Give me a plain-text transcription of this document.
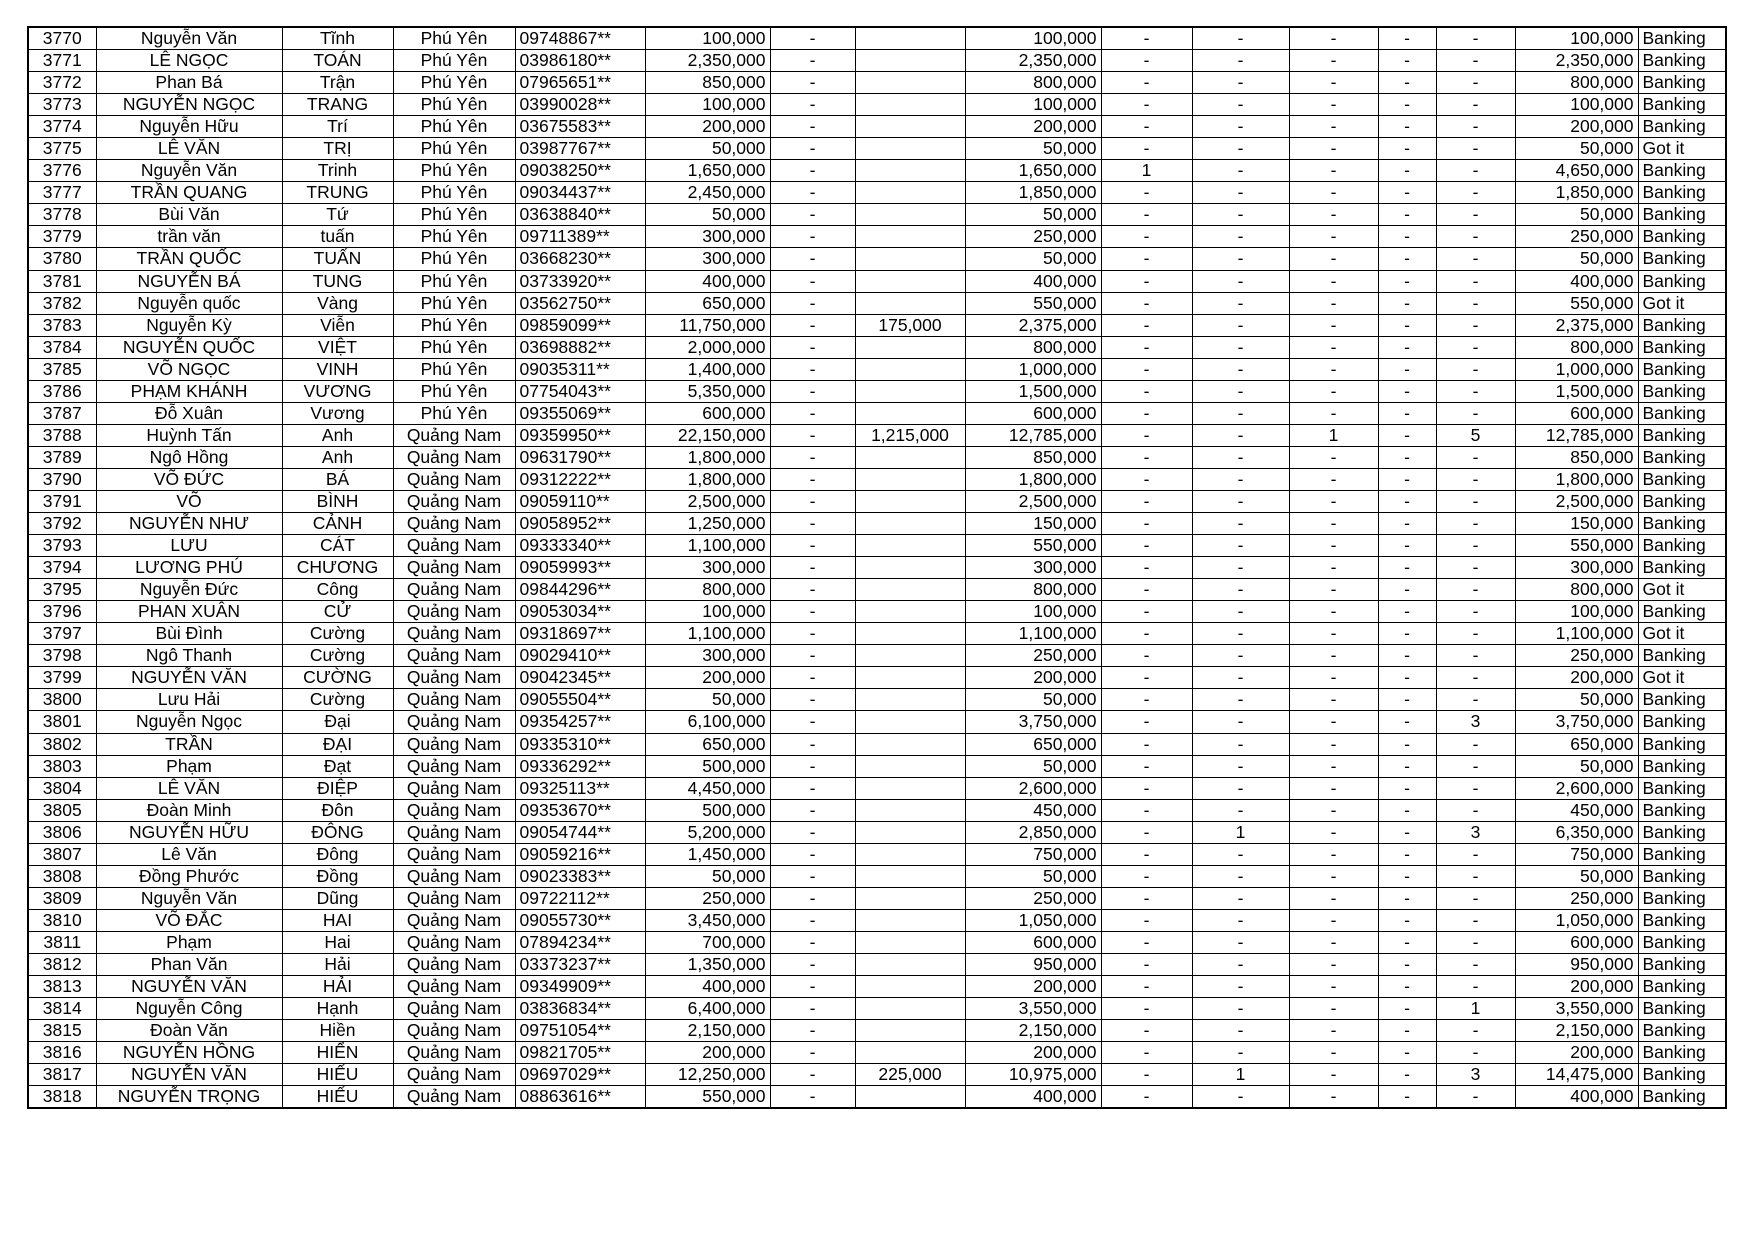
3770	Nguyễn Văn	Tĩnh	Phú Yên	09748867**	100,000	-		100,000	-	-	-	-	-	100,000	Banking
3771	LÊ NGỌC	TOÁN	Phú Yên	03986180**	2,350,000	-		2,350,000	-	-	-	-	-	2,350,000	Banking
3772	Phan Bá	Trận	Phú Yên	07965651**	850,000	-		800,000	-	-	-	-	-	800,000	Banking
3773	NGUYỄN NGỌC	TRANG	Phú Yên	03990028**	100,000	-		100,000	-	-	-	-	-	100,000	Banking
3774	Nguyễn Hữu	Trí	Phú Yên	03675583**	200,000	-		200,000	-	-	-	-	-	200,000	Banking
3775	LÊ VĂN	TRỊ	Phú Yên	03987767**	50,000	-		50,000	-	-	-	-	-	50,000	Got it
3776	Nguyễn Văn	Trinh	Phú Yên	09038250**	1,650,000	-		1,650,000	1	-	-	-	-	4,650,000	Banking
3777	TRẦN QUANG	TRUNG	Phú Yên	09034437**	2,450,000	-		1,850,000	-	-	-	-	-	1,850,000	Banking
3778	Bùi Văn	Tứ	Phú Yên	03638840**	50,000	-		50,000	-	-	-	-	-	50,000	Banking
3779	trần văn	tuấn	Phú Yên	09711389**	300,000	-		250,000	-	-	-	-	-	250,000	Banking
3780	TRẦN QUỐC	TUẤN	Phú Yên	03668230**	300,000	-		50,000	-	-	-	-	-	50,000	Banking
3781	NGUYỄN BÁ	TUNG	Phú Yên	03733920**	400,000	-		400,000	-	-	-	-	-	400,000	Banking
3782	Nguyễn quốc	Vàng	Phú Yên	03562750**	650,000	-		550,000	-	-	-	-	-	550,000	Got it
3783	Nguyễn Kỳ	Viễn	Phú Yên	09859099**	11,750,000	-	175,000	2,375,000	-	-	-	-	-	2,375,000	Banking
3784	NGUYỄN QUỐC	VIỆT	Phú Yên	03698882**	2,000,000	-		800,000	-	-	-	-	-	800,000	Banking
3785	VÕ NGỌC	VINH	Phú Yên	09035311**	1,400,000	-		1,000,000	-	-	-	-	-	1,000,000	Banking
3786	PHẠM KHÁNH	VƯƠNG	Phú Yên	07754043**	5,350,000	-		1,500,000	-	-	-	-	-	1,500,000	Banking
3787	Đỗ Xuân	Vương	Phú Yên	09355069**	600,000	-		600,000	-	-	-	-	-	600,000	Banking
3788	Huỳnh Tấn	Anh	Quảng Nam	09359950**	22,150,000	-	1,215,000	12,785,000	-	-	1	-	5	12,785,000	Banking
3789	Ngô Hồng	Anh	Quảng Nam	09631790**	1,800,000	-		850,000	-	-	-	-	-	850,000	Banking
3790	VÕ ĐỨC	BÁ	Quảng Nam	09312222**	1,800,000	-		1,800,000	-	-	-	-	-	1,800,000	Banking
3791	VÕ	BÌNH	Quảng Nam	09059110**	2,500,000	-		2,500,000	-	-	-	-	-	2,500,000	Banking
3792	NGUYỄN NHƯ	CẢNH	Quảng Nam	09058952**	1,250,000	-		150,000	-	-	-	-	-	150,000	Banking
3793	LƯU	CÁT	Quảng Nam	09333340**	1,100,000	-		550,000	-	-	-	-	-	550,000	Banking
3794	LƯƠNG PHÚ	CHƯƠNG	Quảng Nam	09059993**	300,000	-		300,000	-	-	-	-	-	300,000	Banking
3795	Nguyễn Đức	Công	Quảng Nam	09844296**	800,000	-		800,000	-	-	-	-	-	800,000	Got it
3796	PHAN XUÂN	CỬ	Quảng Nam	09053034**	100,000	-		100,000	-	-	-	-	-	100,000	Banking
3797	Bùi Đình	Cường	Quảng Nam	09318697**	1,100,000	-		1,100,000	-	-	-	-	-	1,100,000	Got it
3798	Ngô Thanh	Cường	Quảng Nam	09029410**	300,000	-		250,000	-	-	-	-	-	250,000	Banking
3799	NGUYỄN VĂN	CƯỜNG	Quảng Nam	09042345**	200,000	-		200,000	-	-	-	-	-	200,000	Got it
3800	Lưu Hải	Cường	Quảng Nam	09055504**	50,000	-		50,000	-	-	-	-	-	50,000	Banking
3801	Nguyễn Ngọc	Đại	Quảng Nam	09354257**	6,100,000	-		3,750,000	-	-	-	-	3	3,750,000	Banking
3802	TRẦN	ĐẠI	Quảng Nam	09335310**	650,000	-		650,000	-	-	-	-	-	650,000	Banking
3803	Phạm	Đạt	Quảng Nam	09336292**	500,000	-		50,000	-	-	-	-	-	50,000	Banking
3804	LÊ VĂN	ĐIỆP	Quảng Nam	09325113**	4,450,000	-		2,600,000	-	-	-	-	-	2,600,000	Banking
3805	Đoàn Minh	Đôn	Quảng Nam	09353670**	500,000	-		450,000	-	-	-	-	-	450,000	Banking
3806	NGUYỄN HỮU	ĐÔNG	Quảng Nam	09054744**	5,200,000	-		2,850,000	-	1	-	-	3	6,350,000	Banking
3807	Lê Văn	Đông	Quảng Nam	09059216**	1,450,000	-		750,000	-	-	-	-	-	750,000	Banking
3808	Đồng Phước	Đồng	Quảng Nam	09023383**	50,000	-		50,000	-	-	-	-	-	50,000	Banking
3809	Nguyễn Văn	Dũng	Quảng Nam	09722112**	250,000	-		250,000	-	-	-	-	-	250,000	Banking
3810	VÕ ĐẮC	HAI	Quảng Nam	09055730**	3,450,000	-		1,050,000	-	-	-	-	-	1,050,000	Banking
3811	Phạm	Hai	Quảng Nam	07894234**	700,000	-		600,000	-	-	-	-	-	600,000	Banking
3812	Phan Văn	Hải	Quảng Nam	03373237**	1,350,000	-		950,000	-	-	-	-	-	950,000	Banking
3813	NGUYỄN VĂN	HẢI	Quảng Nam	09349909**	400,000	-		200,000	-	-	-	-	-	200,000	Banking
3814	Nguyễn Công	Hạnh	Quảng Nam	03836834**	6,400,000	-		3,550,000	-	-	-	-	1	3,550,000	Banking
3815	Đoàn Văn	Hiền	Quảng Nam	09751054**	2,150,000	-		2,150,000	-	-	-	-	-	2,150,000	Banking
3816	NGUYỄN HỒNG	HIỂN	Quảng Nam	09821705**	200,000	-		200,000	-	-	-	-	-	200,000	Banking
3817	NGUYỄN VĂN	HIẾU	Quảng Nam	09697029**	12,250,000	-	225,000	10,975,000	-	1	-	-	3	14,475,000	Banking
3818	NGUYỄN TRỌNG	HIẾU	Quảng Nam	08863616**	550,000	-		400,000	-	-	-	-	-	400,000	Banking
